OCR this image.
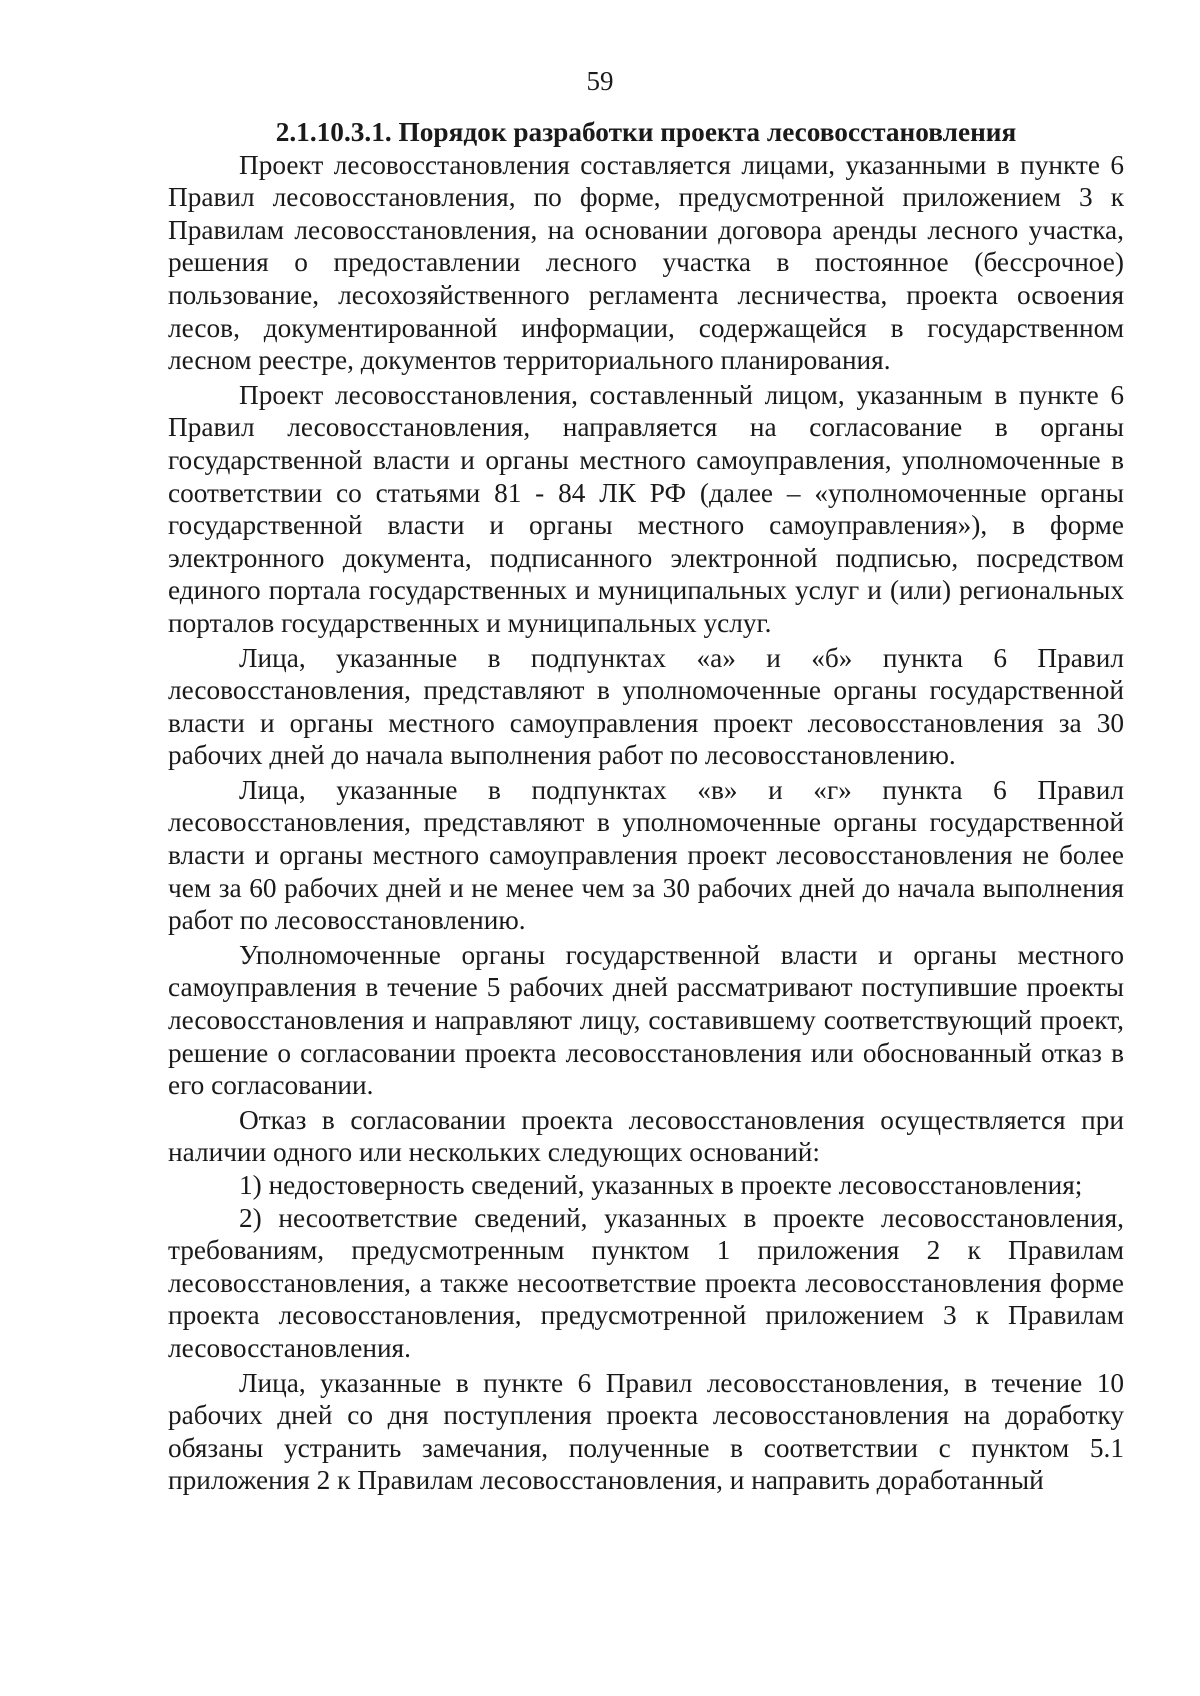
59

2.1.10.3.1. Порядок разработки проекта лесовосстановления

Проект лесовосстановления составляется лицами, указанными в пункте 6 Правил лесовосстановления, по форме, предусмотренной приложением 3 к Правилам лесовосстановления, на основании договора аренды лесного участка, решения о предоставлении лесного участка в постоянное (бессрочное) пользование, лесохозяйственного регламента лесничества, проекта освоения лесов, документированной информации, содержащейся в государственном лесном реестре, документов территориального планирования.

Проект лесовосстановления, составленный лицом, указанным в пункте 6 Правил лесовосстановления, направляется на согласование в органы государственной власти и органы местного самоуправления, уполномоченные в соответствии со статьями 81 - 84 ЛК РФ (далее – «уполномоченные органы государственной власти и органы местного самоуправления»), в форме электронного документа, подписанного электронной подписью, посредством единого портала государственных и муниципальных услуг и (или) региональных порталов государственных и муниципальных услуг.

Лица, указанные в подпунктах «а» и «б» пункта 6 Правил лесовосстановления, представляют в уполномоченные органы государственной власти и органы местного самоуправления проект лесовосстановления за 30 рабочих дней до начала выполнения работ по лесовосстановлению.

Лица, указанные в подпунктах «в» и «г» пункта 6 Правил лесовосстановления, представляют в уполномоченные органы государственной власти и органы местного самоуправления проект лесовосстановления не более чем за 60 рабочих дней и не менее чем за 30 рабочих дней до начала выполнения работ по лесовосстановлению.

Уполномоченные органы государственной власти и органы местного самоуправления в течение 5 рабочих дней рассматривают поступившие проекты лесовосстановления и направляют лицу, составившему соответствующий проект, решение о согласовании проекта лесовосстановления или обоснованный отказ в его согласовании.

Отказ в согласовании проекта лесовосстановления осуществляется при наличии одного или нескольких следующих оснований:

1) недостоверность сведений, указанных в проекте лесовосстановления;

2) несоответствие сведений, указанных в проекте лесовосстановления, требованиям, предусмотренным пунктом 1 приложения 2 к Правилам лесовосстановления, а также несоответствие проекта лесовосстановления форме проекта лесовосстановления, предусмотренной приложением 3 к Правилам лесовосстановления.

Лица, указанные в пункте 6 Правил лесовосстановления, в течение 10 рабочих дней со дня поступления проекта лесовосстановления на доработку обязаны устранить замечания, полученные в соответствии с пунктом 5.1 приложения 2 к Правилам лесовосстановления, и направить доработанный
